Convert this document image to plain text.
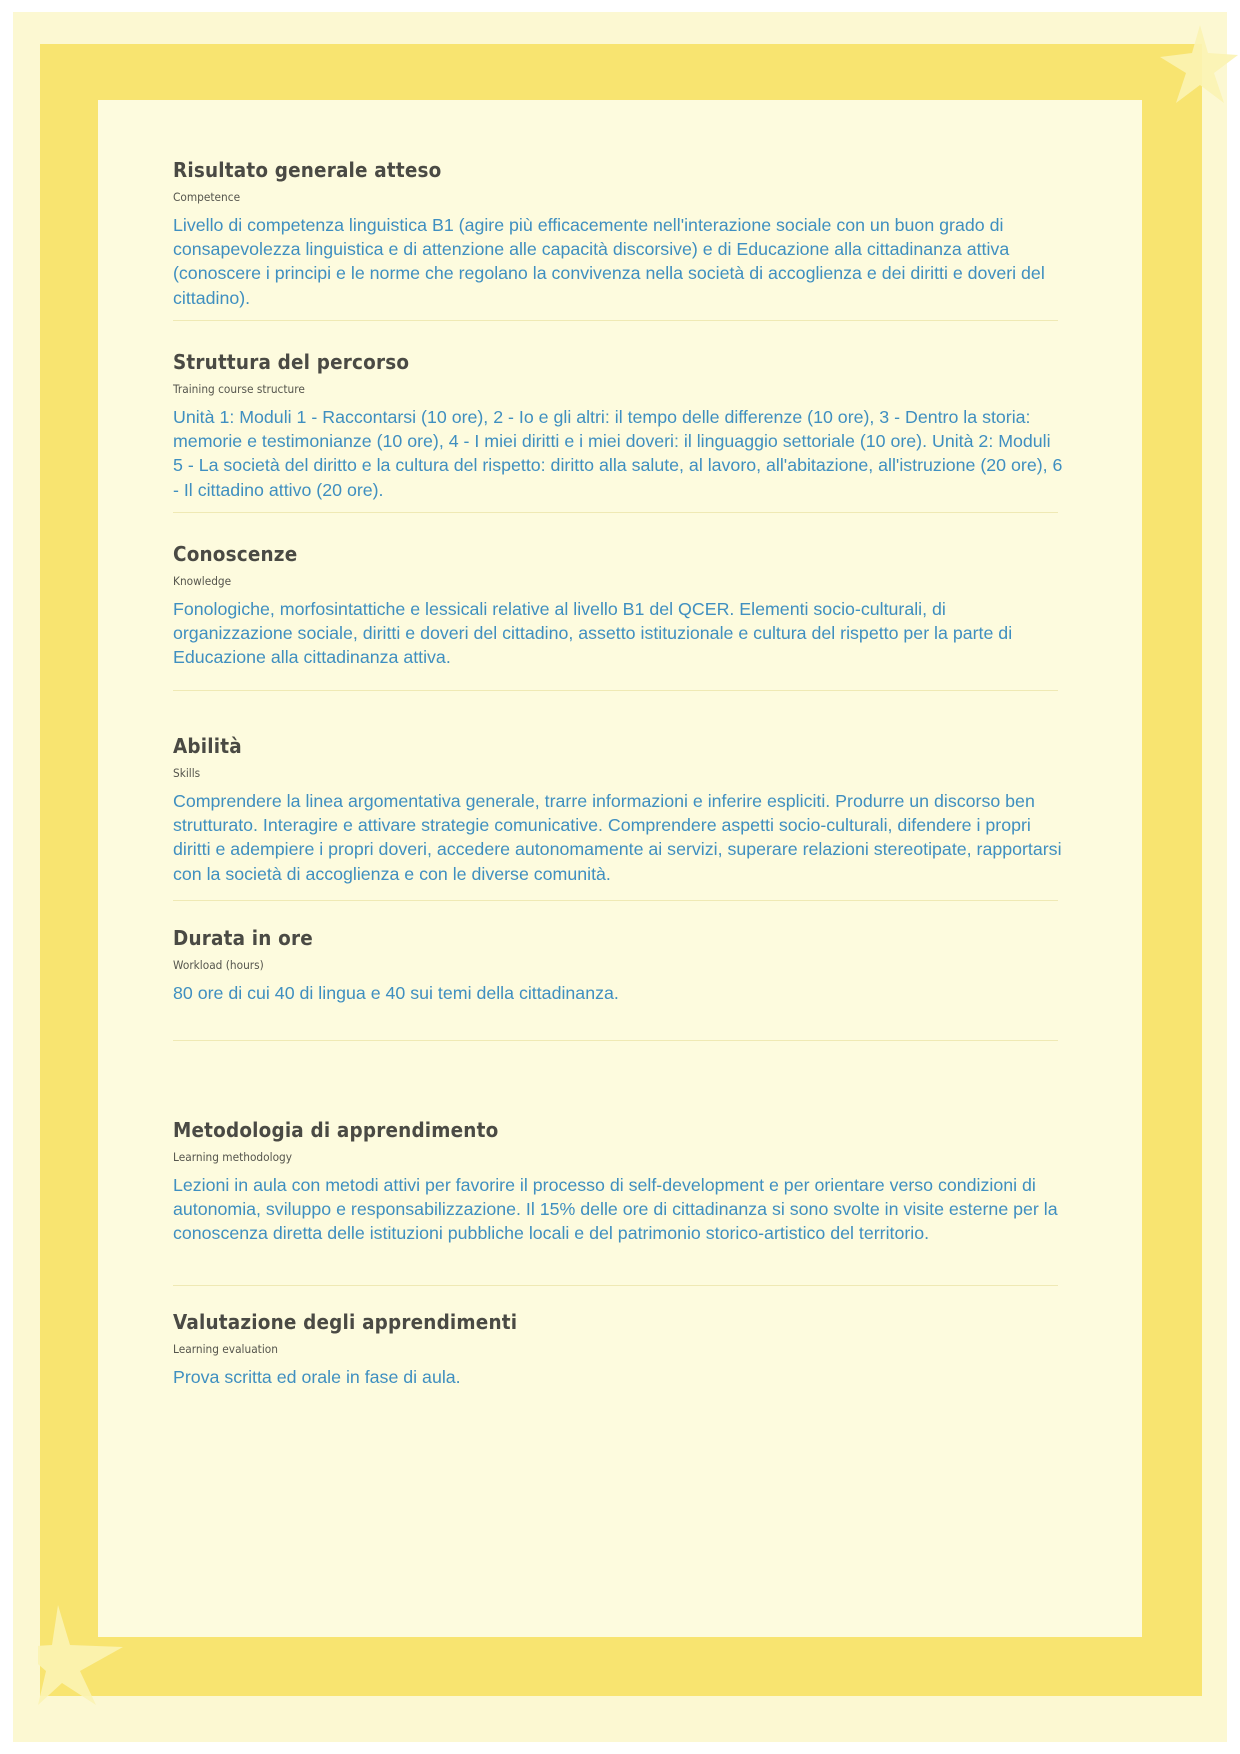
Risultato generale atteso
Competence

Livello di competenza linguistica B1 (agire più efficacemente nell'interazione sociale con un buon grado di consapevolezza linguistica e di attenzione alle capacità discorsive) e di Educazione alla cittadinanza attiva (conoscere i principi e le norme che regolano la convivenza nella società di accoglienza e dei diritti e doveri del cittadino).

Struttura del percorso
Training course structure

Unità 1: Moduli 1 - Raccontarsi (10 ore), 2 - Io e gli altri: il tempo delle differenze (10 ore), 3 - Dentro la storia: memorie e testimonianze (10 ore), 4 - I miei diritti e i miei doveri: il linguaggio settoriale (10 ore). Unità 2: Moduli 5 - La società del diritto e la cultura del rispetto: diritto alla salute, al lavoro, all'abitazione, all'istruzione (20 ore), 6 - Il cittadino attivo (20 ore).

Conoscenze
Knowledge

Fonologiche, morfosintattiche e lessicali relative al livello B1 del QCER. Elementi socio-culturali, di organizzazione sociale, diritti e doveri del cittadino, assetto istituzionale e cultura del rispetto per la parte di Educazione alla cittadinanza attiva.

Abilità
Skills

Comprendere la linea argomentativa generale, trarre informazioni e inferire espliciti. Produrre un discorso ben strutturato. Interagire e attivare strategie comunicative. Comprendere aspetti socio-culturali, difendere i propri diritti e adempiere i propri doveri, accedere autonomamente ai servizi, superare relazioni stereotipate, rapportarsi con la società di accoglienza e con le diverse comunità.

Durata in ore
Workload (hours)

80 ore di cui 40 di lingua e 40 sui temi della cittadinanza.

Metodologia di apprendimento
Learning methodology

Lezioni in aula con metodi attivi per favorire il processo di self-development e per orientare verso condizioni di autonomia, sviluppo e responsabilizzazione. Il 15% delle ore di cittadinanza si sono svolte in visite esterne per la conoscenza diretta delle istituzioni pubbliche locali e del patrimonio storico-artistico del territorio.

Valutazione degli apprendimenti
Learning evaluation

Prova scritta ed orale in fase di aula.
